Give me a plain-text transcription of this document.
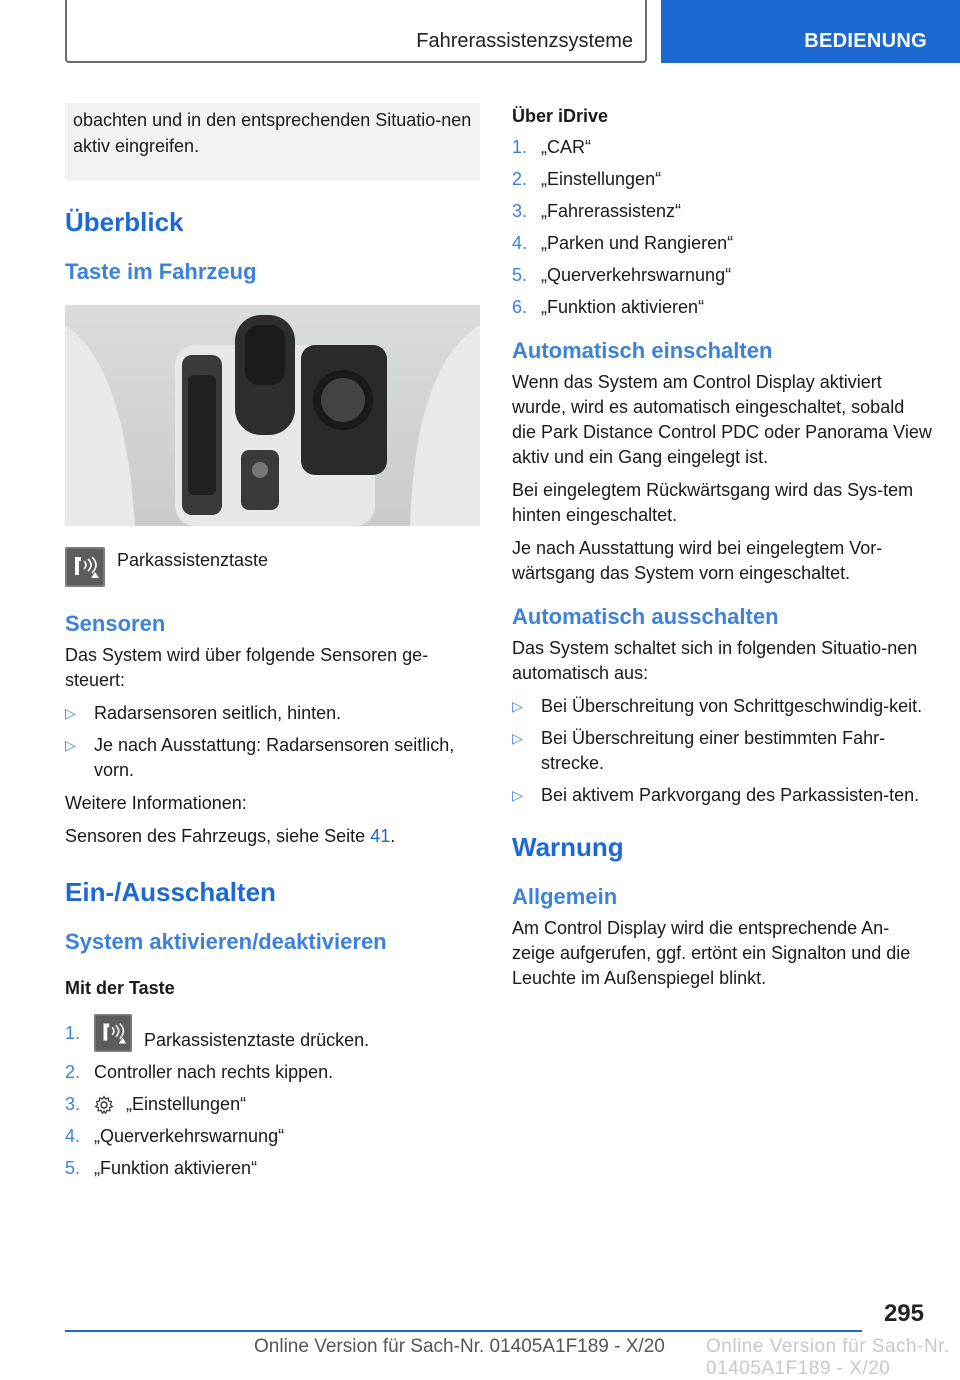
Fahrerassistenzsysteme	BEDIENUNG
obachten und in den entsprechenden Situatio-nen aktiv eingreifen.
Überblick
Taste im Fahrzeug
Parkassistenztaste
Sensoren

Das System wird über folgende Sensoren ge-steuert:

▷ Radarsensoren seitlich, hinten.
▷ Je nach Ausstattung: Radarsensoren seitlich, vorn.

Weitere Informationen:

Sensoren des Fahrzeugs, siehe Seite 41.

Ein-/Ausschalten
System aktivieren/deaktivieren
Mit der Taste
1.	Parkassistenztaste drücken.
2. Controller nach rechts kippen.
3.	„Einstellungen“
4. „Querverkehrswarnung“
5. „Funktion aktivieren“
Über iDrive
1. „CAR“
2. „Einstellungen“
3. „Fahrerassistenz“
4. „Parken und Rangieren“
5. „Querverkehrswarnung“
6. „Funktion aktivieren“
Automatisch einschalten

Wenn das System am Control Display aktiviert wurde, wird es automatisch eingeschaltet, sobald die Park Distance Control PDC oder Panorama View aktiv und ein Gang eingelegt ist.

Bei eingelegtem Rückwärtsgang wird das Sys-tem hinten eingeschaltet.

Je nach Ausstattung wird bei eingelegtem Vor-wärtsgang das System vorn eingeschaltet.

Automatisch ausschalten

Das System schaltet sich in folgenden Situatio-nen automatisch aus:

▷ Bei Überschreitung von Schrittgeschwindig-keit.
▷ Bei Überschreitung einer bestimmten Fahr-strecke.
▷ Bei aktivem Parkvorgang des Parkassisten-ten.
Warnung
Allgemein

Am Control Display wird die entsprechende An-zeige aufgerufen, ggf. ertönt ein Signalton und die Leuchte im Außenspiegel blinkt.

295
Online Version für Sach-Nr. 01405A1F189 - X/20 Online Version für Sach-Nr. 01405A1F189 - X/20
